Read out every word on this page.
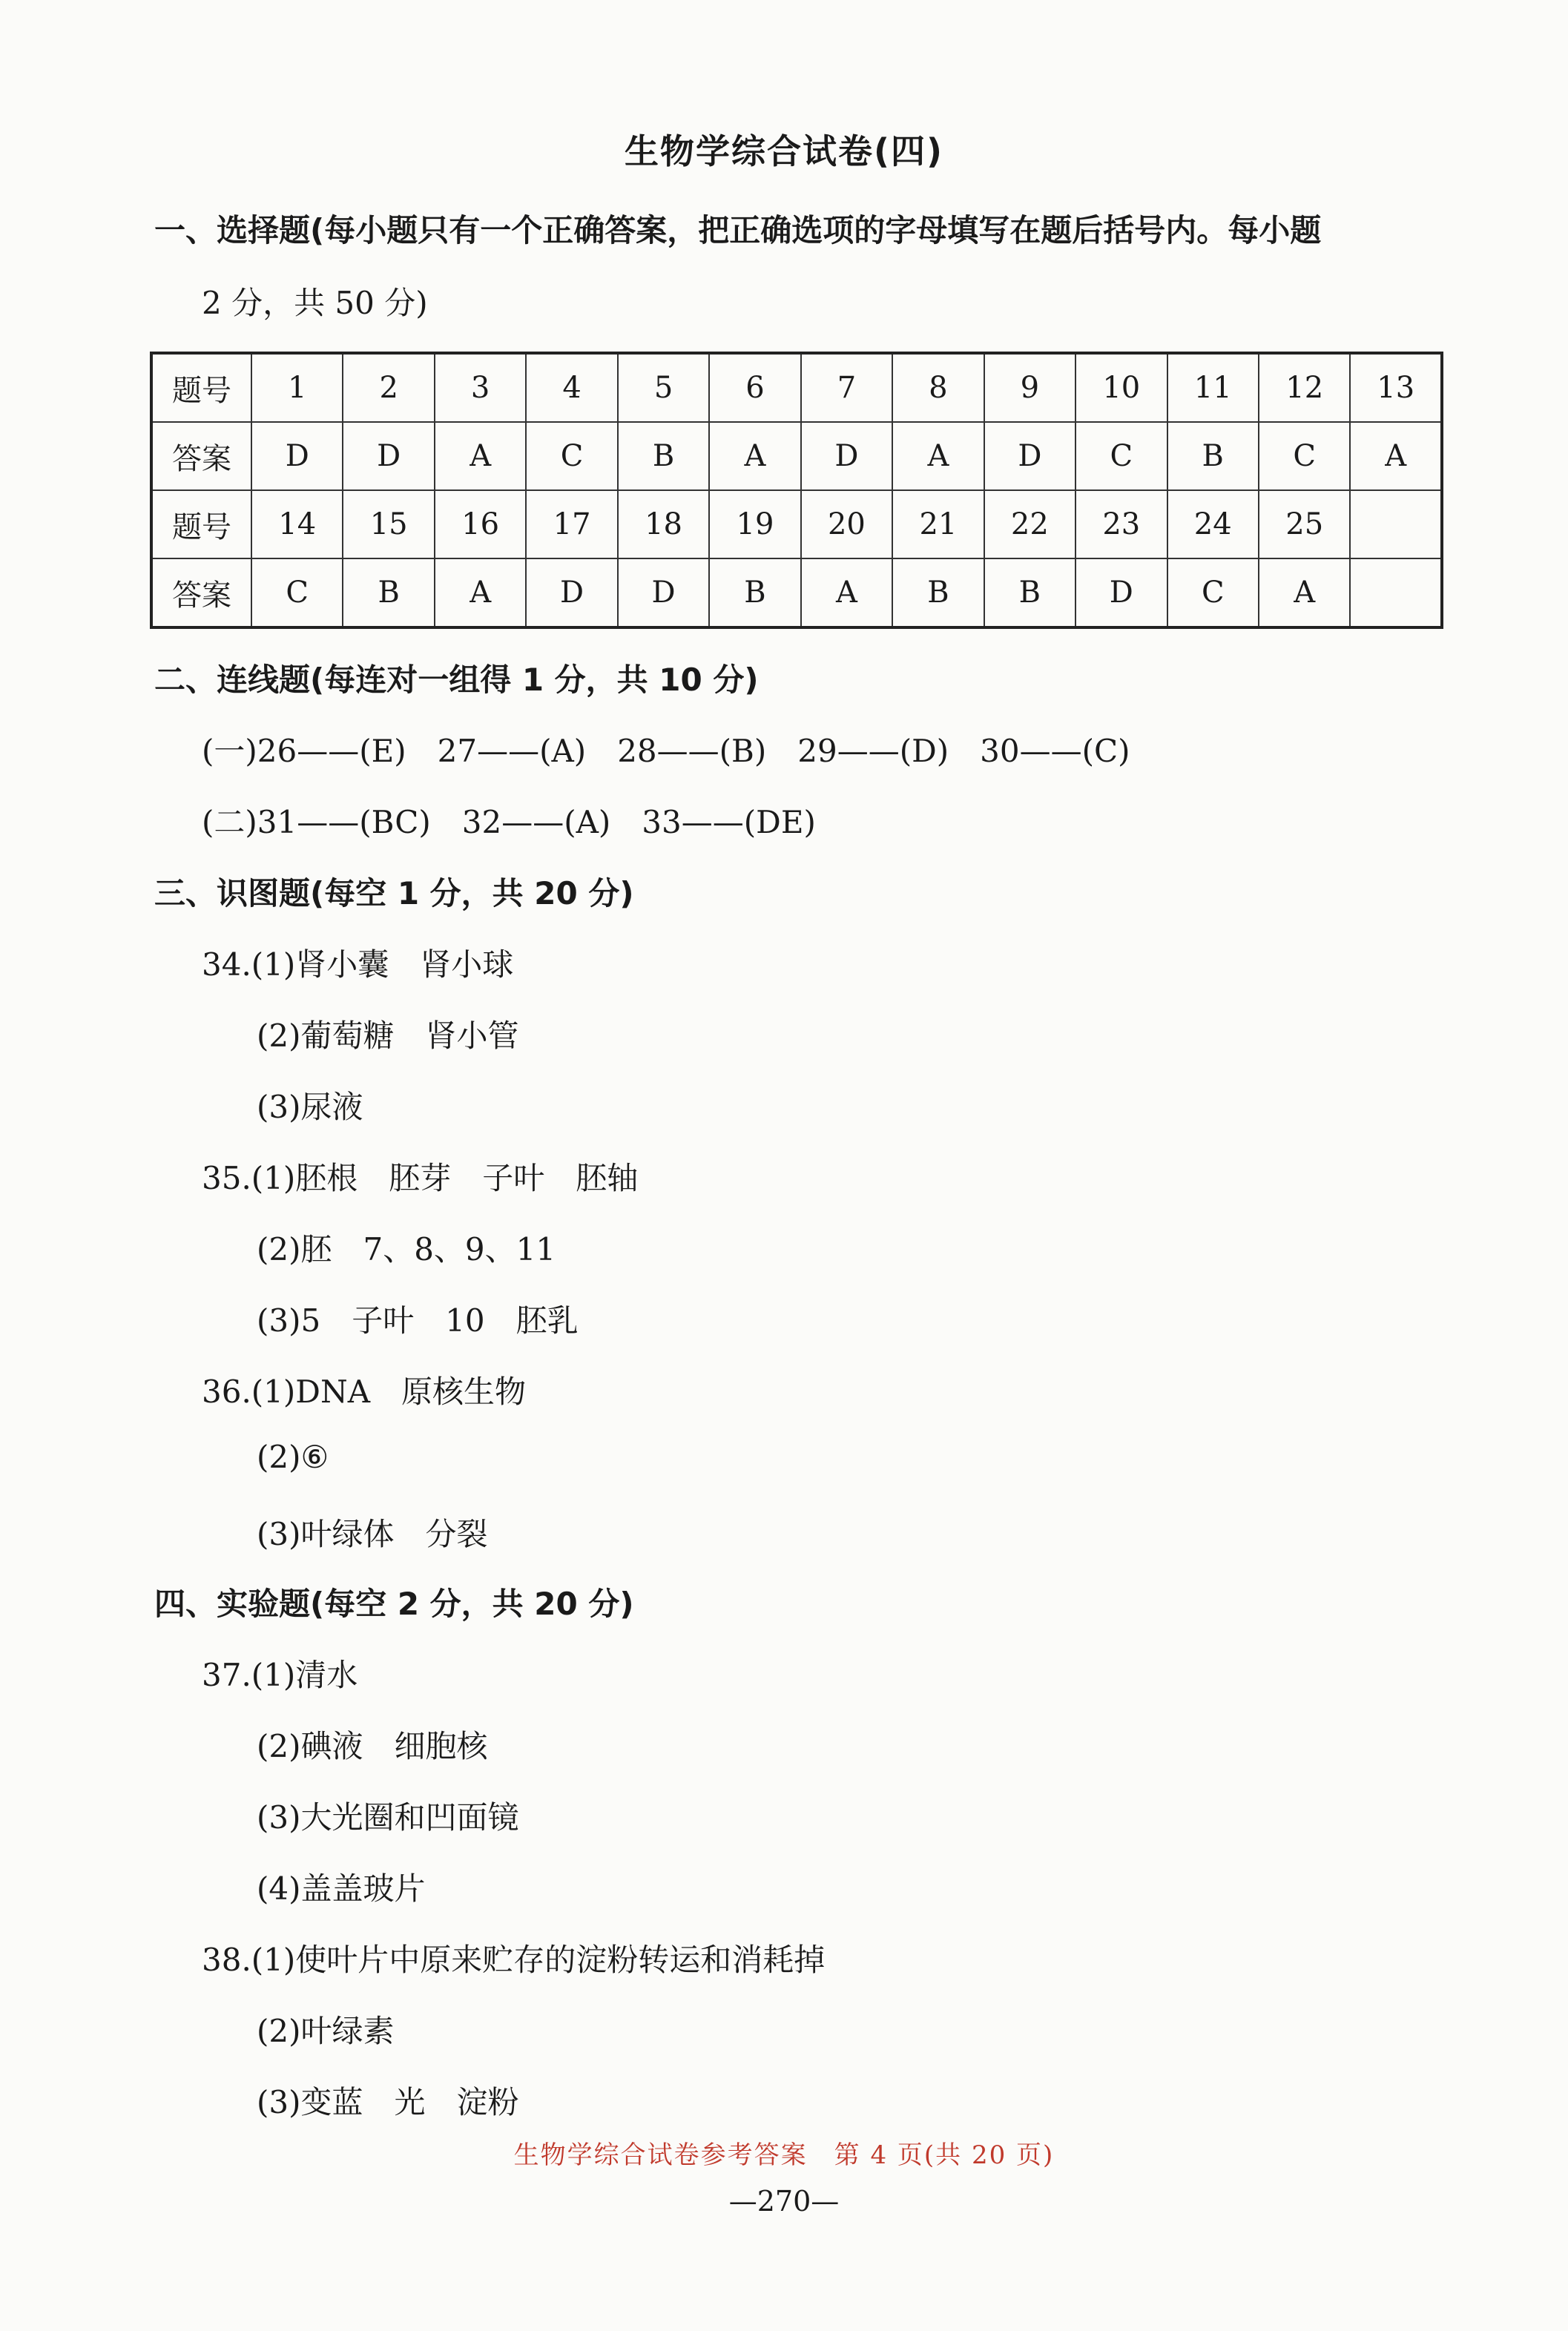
生物学综合试卷(四)
一、选择题(每小题只有一个正确答案，把正确选项的字母填写在题后括号内。每小题
2 分，共 50 分)
题号	1	2	3	4	5	6	7	8	9	10	11	12	13
答案	D	D	A	C	B	A	D	A	D	C	B	C	A
题号	14	15	16	17	18	19	20	21	22	23	24	25	
答案	C	B	A	D	D	B	A	B	B	D	C	A	
二、连线题(每连对一组得 1 分，共 10 分)
(一)26——(E)　27——(A)　28——(B)　29——(D)　30——(C)
(二)31——(BC)　32——(A)　33——(DE)
三、识图题(每空 1 分，共 20 分)
34.(1)肾小囊　肾小球
(2)葡萄糖　肾小管
(3)尿液
35.(1)胚根　胚芽　子叶　胚轴
(2)胚　7、8、9、11
(3)5　子叶　10　胚乳
36.(1)DNA　原核生物
(2)⑥
(3)叶绿体　分裂
四、实验题(每空 2 分，共 20 分)
37.(1)清水
(2)碘液　细胞核
(3)大光圈和凹面镜
(4)盖盖玻片
38.(1)使叶片中原来贮存的淀粉转运和消耗掉
(2)叶绿素
(3)变蓝　光　淀粉
生物学综合试卷参考答案　第 4 页(共 20 页)
—270—
